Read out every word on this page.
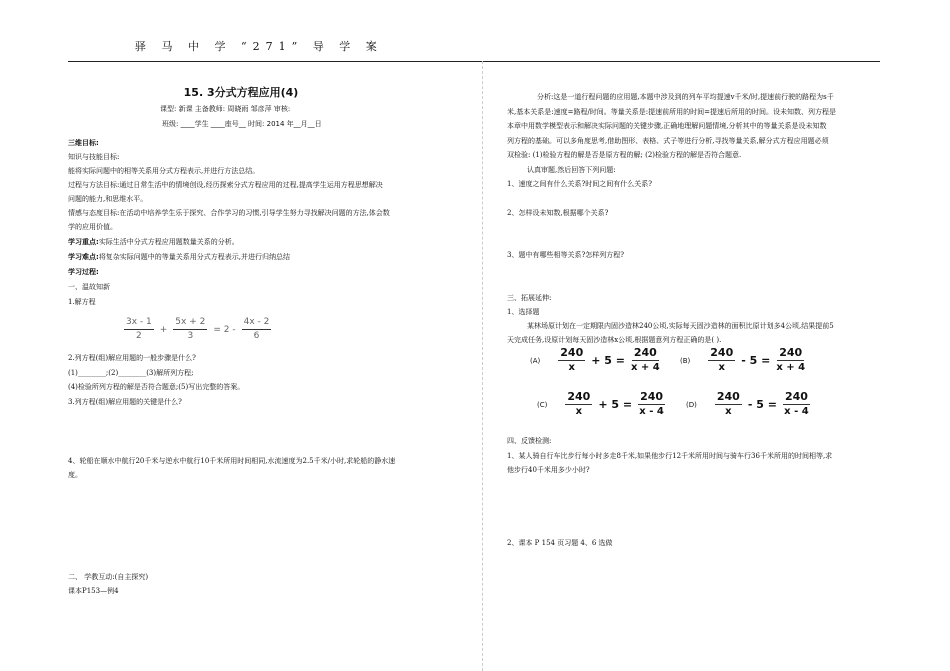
驿 马 中 学 “271” 导 学 案
15. 3分式方程应用(4)
课型: 新课 主备教师: 周晓雨 邹彦萍 审核:
班级: ____学生 ____座号__ 时间: 2014 年__月__日
三维目标:
知识与技能目标:
能将实际问题中的相等关系用分式方程表示,并进行方法总结。
过程与方法目标:通过日常生活中的情境创设,经历探索分式方程应用的过程,提高学生运用方程思想解决
问题的能力,和思维水平。
情感与态度目标:在活动中培养学生乐于探究、合作学习的习惯,引导学生努力寻找解决问题的方法,体会数
学的应用价值。
学习重点:实际生活中分式方程应用题数量关系的分析。
学习难点:将复杂实际问题中的等量关系用分式方程表示,并进行归纳总结
学习过程:
一、温故知新
1.解方程
$\frac{3x - 1}{2} + \frac{5x + 2}{3} = 2 - \frac{4x - 2}{6}$
2.列方程(组)解应用题的一般步骤是什么?
(1)________;(2)________(3)解所列方程;
(4)检验所列方程的解是否符合题意;(5)写出完整的答案。
3.列方程(组)解应用题的关键是什么?
4、轮船在顺水中航行20千米与逆水中航行10千米所用时间相同,水流速度为2.5千米/小时,求轮船的静水速
度。
二、 学教互动:(自主探究)
课本P153—例4
分析:这是一道行程问题的应用题,本题中涉及到的列车平均提速v千米/时,提速前行驶的路程为s千
米,基本关系是:速度=路程/时间。等量关系是:提速前所用的时间=提速后所用的时间。设未知数、列方程是
本章中用数学模型表示和解决实际问题的关键步骤,正确地理解问题情境,分析其中的等量关系是设未知数
列方程的基础。可以多角度思考,借助图形、表格、式子等进行分析,寻找等量关系,解分式方程应用题必须
双检验: (1)检验方程的解是否是原方程的解; (2)检验方程的解是否符合题意.
认真审题,然后回答下列问题:
1、速度之间有什么关系?时间之间有什么关系?
2、怎样设未知数,根据哪个关系?
3、题中有哪些相等关系?怎样列方程?
三、拓展延伸:
1、选择题
某林场原计划在一定期限内固沙造林240公顷,实际每天固沙造林的面积比原计划多4公顷,结果提前5
天完成任务,设原计划每天固沙造林x公顷,根据题意列方程正确的是( ).
$(A) \frac{240}{x} + 5 = \frac{240}{x + 4}$	$(B) \frac{240}{x} - 5 = \frac{240}{x + 4}$
$(C) \frac{240}{x} + 5 = \frac{240}{x - 4}$	$(D) \frac{240}{x} - 5 = \frac{240}{x - 4}$
四、反馈检测:
1、某人骑自行车比步行每小时多走8千米,如果他步行12千米所用时间与骑车行36千米所用的时间相等,求
他步行40千米用多少小时?
2、课本 P 154 页习题 4、6 选做
